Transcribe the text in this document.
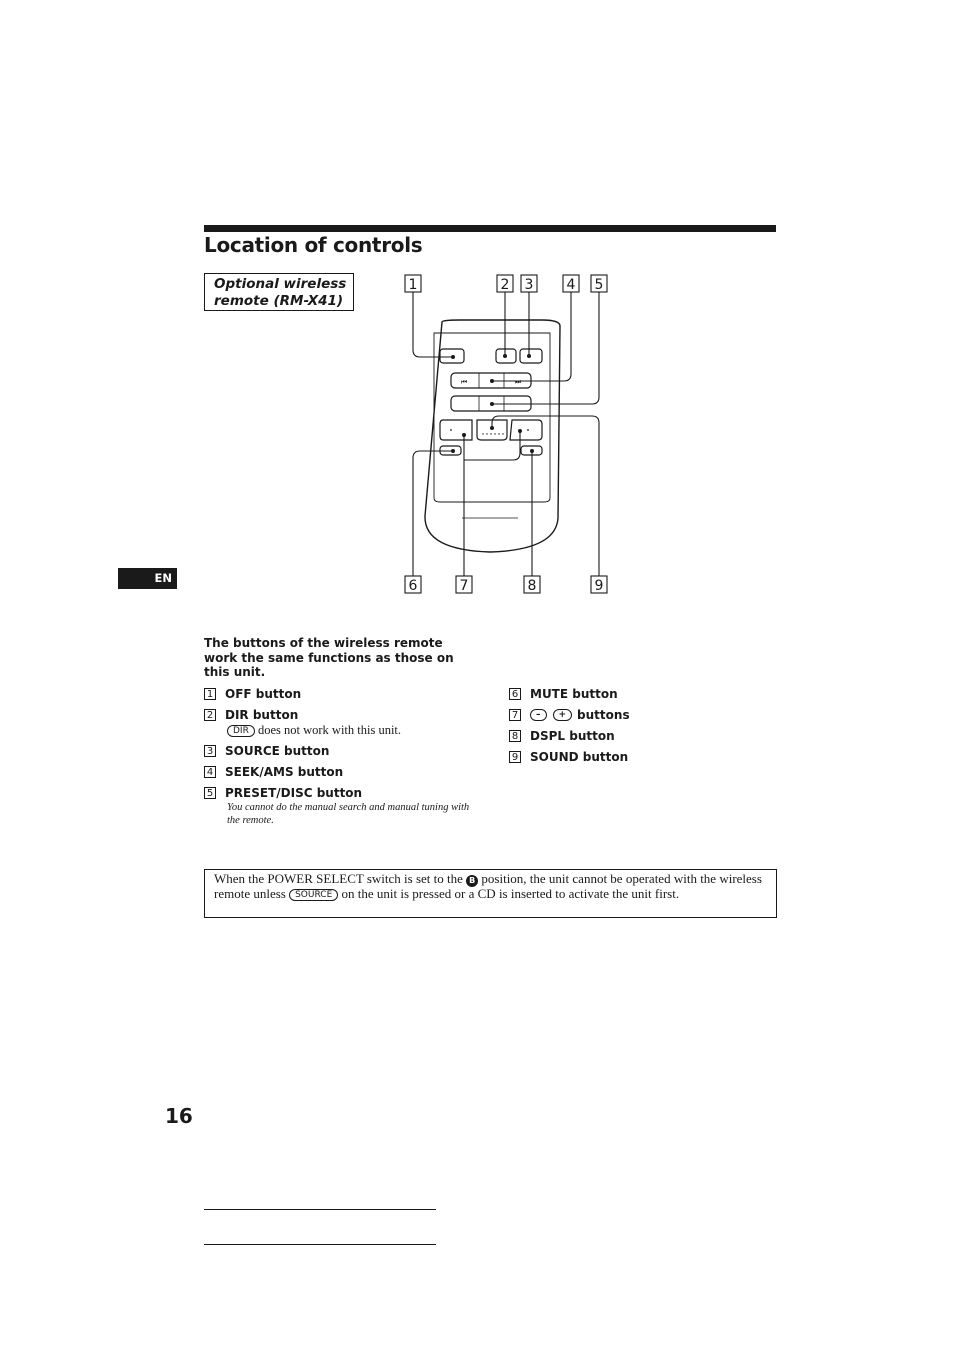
Location of controls
Optional wireless remote (RM-X41)
⏮	⏭
1	2 3 4 5
6	7	8	9
EN

The buttons of the wireless remote work the same functions as those on this unit.

1 OFF button
2 DIR button
DIR does not work with this unit.
3 SOURCE button
4 SEEK/AMS button
5 PRESET/DISC button
You cannot do the manual search and manual tuning with the remote.
6 MUTE button
7	–	+ buttons
8 DSPL button
9 SOUND button
When the POWER SELECT switch is set to the B position, the unit cannot be operated with the wireless remote unless SOURCE on the unit is pressed or a CD is inserted to activate the unit first.
16
